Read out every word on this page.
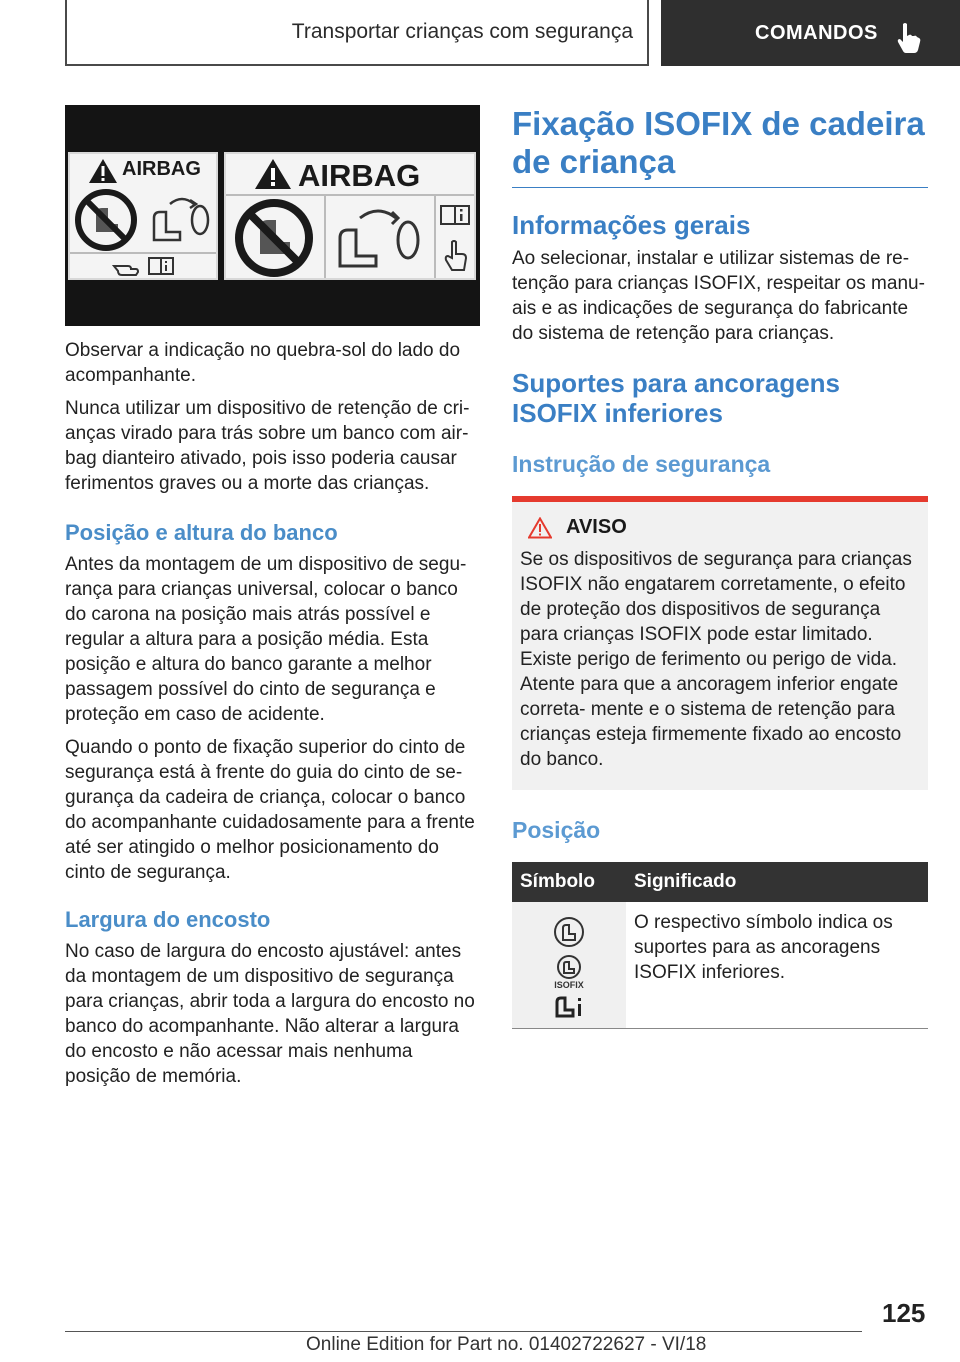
Transportar crianças com segurança	COMANDOS
AIRBAG	AIRBAG

Observar a indicação no quebra-sol do lado do acompanhante.

Nunca utilizar um dispositivo de retenção de cri- anças virado para trás sobre um banco com air- bag dianteiro ativado, pois isso poderia causar ferimentos graves ou a morte das crianças.

Posição e altura do banco

Antes da montagem de um dispositivo de segu- rança para crianças universal, colocar o banco do carona na posição mais atrás possível e regular a altura para a posição média. Esta posição e altura do banco garante a melhor passagem possível do cinto de segurança e proteção em caso de acidente.

Quando o ponto de fixação superior do cinto de segurança está à frente do guia do cinto de se- gurança da cadeira de criança, colocar o banco do acompanhante cuidadosamente para a frente até ser atingido o melhor posicionamento do cinto de segurança.

Largura do encosto

No caso de largura do encosto ajustável: antes da montagem de um dispositivo de segurança para crianças, abrir toda a largura do encosto no banco do acompanhante. Não alterar a largura do encosto e não acessar mais nenhuma posição de memória.

Fixação ISOFIX de cadeira de criança
Informações gerais

Ao selecionar, instalar e utilizar sistemas de re- tenção para crianças ISOFIX, respeitar os manu- ais e as indicações de segurança do fabricante do sistema de retenção para crianças.

Suportes para ancoragens ISOFIX inferiores
Instrução de segurança
AVISO

Se os dispositivos de segurança para crianças ISOFIX não engatarem corretamente, o efeito de proteção dos dispositivos de segurança para crianças ISOFIX pode estar limitado. Existe perigo de ferimento ou perigo de vida. Atente para que a ancoragem inferior engate correta- mente e o sistema de retenção para crianças esteja firmemente fixado ao encosto do banco.

Posição
Símbolo	Significado

ISOFIX	O respectivo símbolo indica os suportes para as ancoragens ISOFIX inferiores.
125
Online Edition for Part no. 01402722627 - VI/18
